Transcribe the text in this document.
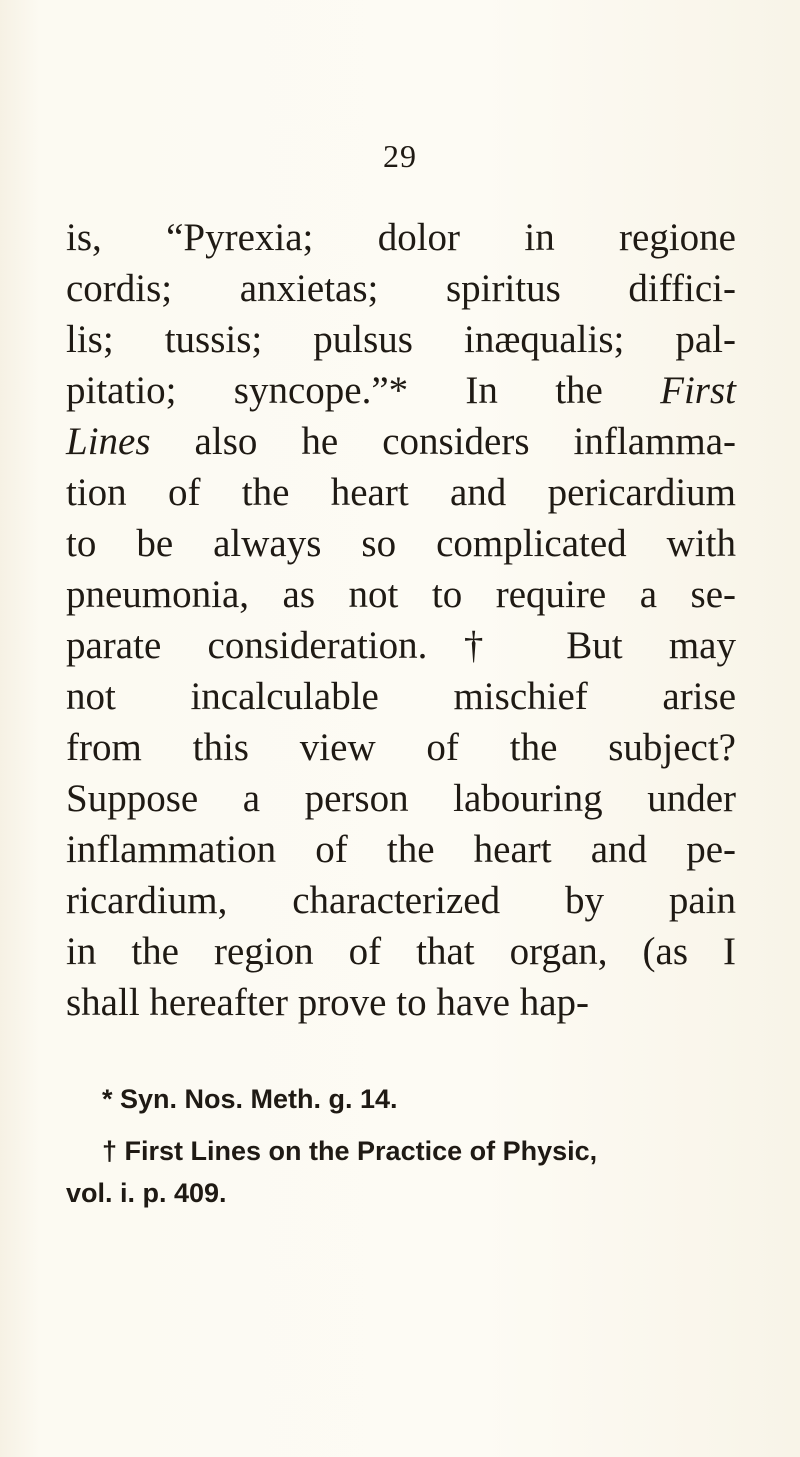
29
is, “Pyrexia; dolor in regione
cordis; anxietas; spiritus diffici-
lis; tussis; pulsus inæqualis; pal-
pitatio; syncope.”* In the First
Lines also he considers inflamma-
tion of the heart and pericardium
to be always so complicated with
pneumonia, as not to require a se-
parate consideration.† But may
not incalculable mischief arise
from this view of the subject?
Suppose a person labouring under
inflammation of the heart and pe-
ricardium, characterized by pain
in the region of that organ, (as I
shall hereafter prove to have hap-
* Syn. Nos. Meth. g. 14.
† First Lines on the Practice of Physic,
vol. i. p. 409.
